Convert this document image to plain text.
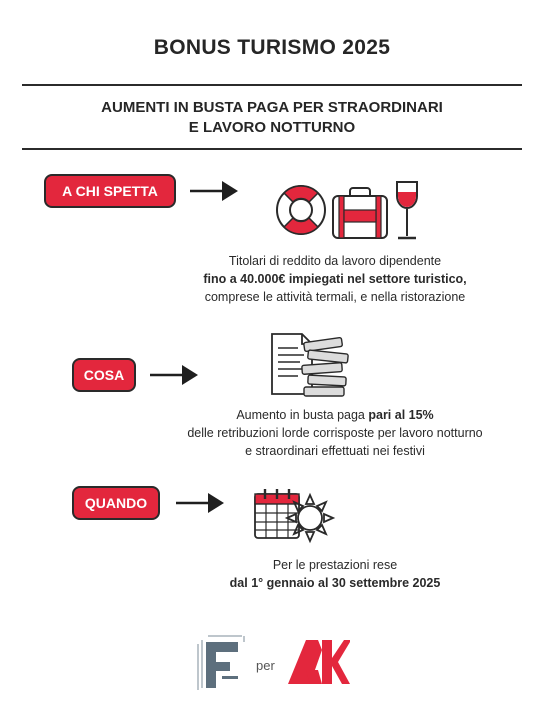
BONUS TURISMO 2025
AUMENTI IN BUSTA PAGA PER STRAORDINARI
E LAVORO NOTTURNO
A CHI SPETTA
Titolari di reddito da lavoro dipendente
fino a 40.000€ impiegati nel settore turistico,
comprese le attività termali, e nella ristorazione
COSA
Aumento in busta paga pari al 15%
delle retribuzioni lorde corrisposte per lavoro notturno
e straordinari effettuati nei festivi
QUANDO
Per le prestazioni rese
dal 1° gennaio al 30 settembre 2025
per
